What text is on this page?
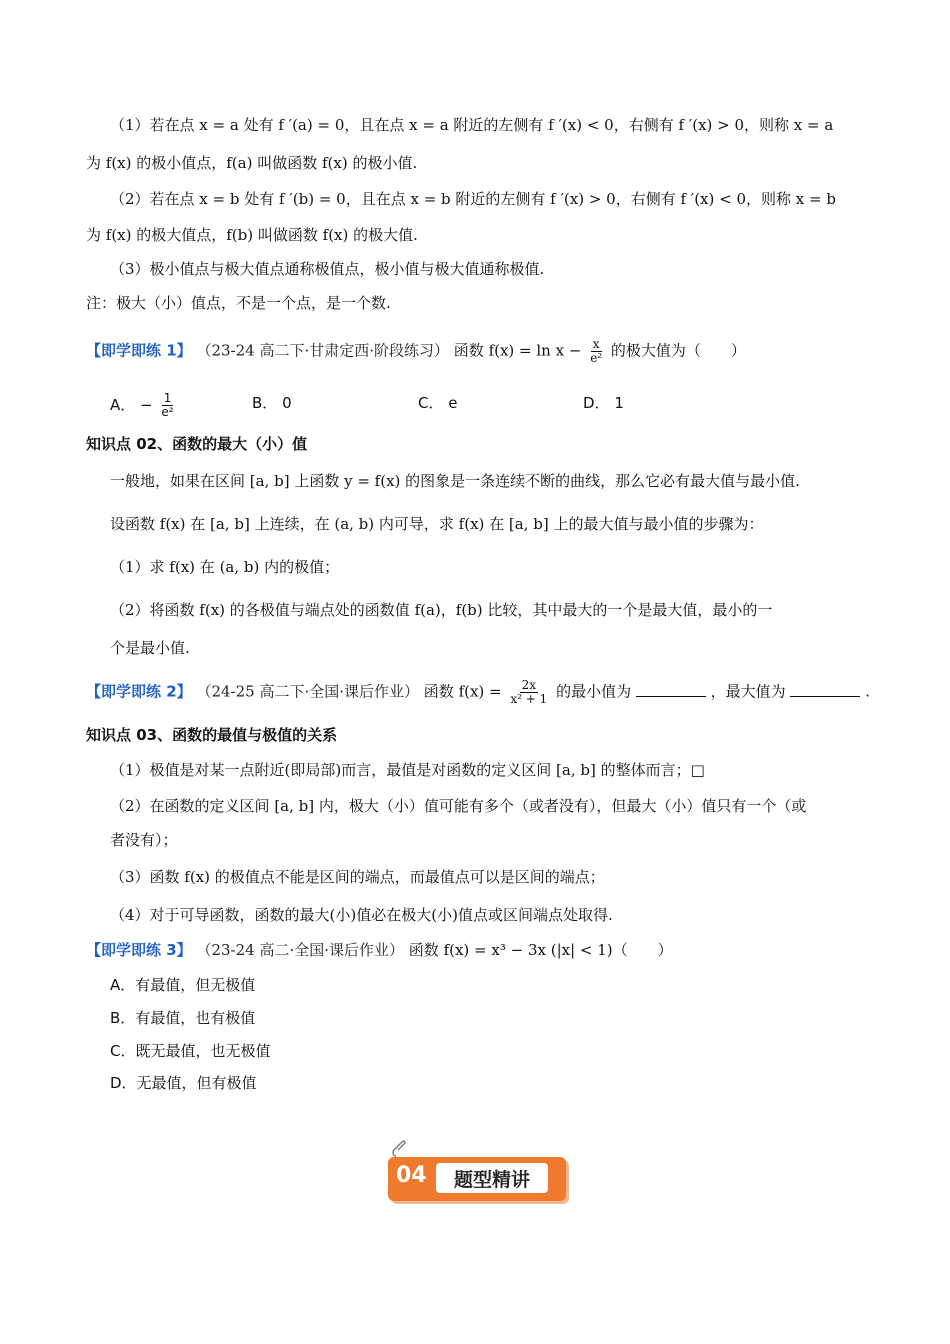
（1）若在点 x = a 处有 f ′(a) = 0，且在点 x = a 附近的左侧有 f ′(x) < 0，右侧有 f ′(x) > 0，则称 x = a
为 f(x) 的极小值点，f(a) 叫做函数 f(x) 的极小值.
（2）若在点 x = b 处有 f ′(b) = 0，且在点 x = b 附近的左侧有 f ′(x) > 0，右侧有 f ′(x) < 0，则称 x = b
为 f(x) 的极大值点，f(b) 叫做函数 f(x) 的极大值.
（3）极小值点与极大值点通称极值点，极小值与极大值通称极值.
注：极大（小）值点，不是一个点，是一个数.
【即学即练 1】 （23-24 高二下·甘肃定西·阶段练习） 函数 $f(x) = \ln x - \frac{x}{\text{e²}}$ 的极大值为（　　）
A． − $\frac{1}{\text{e²}}$	B． 0	C． e	D． 1
知识点 02、函数的最大（小）值
一般地，如果在区间 [a, b] 上函数 y = f(x) 的图象是一条连续不断的曲线，那么它必有最大值与最小值.
设函数 f(x) 在 [a, b] 上连续，在 (a, b) 内可导，求 f(x) 在 [a, b] 上的最大值与最小值的步骤为：
（1）求 f(x) 在 (a, b) 内的极值；
（2）将函数 f(x) 的各极值与端点处的函数值 f(a)，f(b) 比较，其中最大的一个是最大值，最小的一
个是最小值.
【即学即练 2】 （24-25 高二下·全国·课后作业） 函数 $f(x) = \frac{2x}{\text{x² + 1}}$ 的最小值为	，最大值为	.
知识点 03、函数的最值与极值的关系
（1）极值是对某一点附近(即局部)而言，最值是对函数的定义区间 [a, b] 的整体而言；□
（2）在函数的定义区间 [a, b] 内，极大（小）值可能有多个（或者没有），但最大（小）值只有一个（或
者没有）；
（3）函数 f(x) 的极值点不能是区间的端点，而最值点可以是区间的端点；
（4）对于可导函数，函数的最大(小)值必在极大(小)值点或区间端点处取得.
【即学即练 3】 （23-24 高二·全国·课后作业） 函数 f(x) = x³ − 3x (|x| < 1)（　　）
A．有最值，但无极值
B．有最值，也有极值
C．既无最值，也无极值
D．无最值，但有极值
04	题型精讲
